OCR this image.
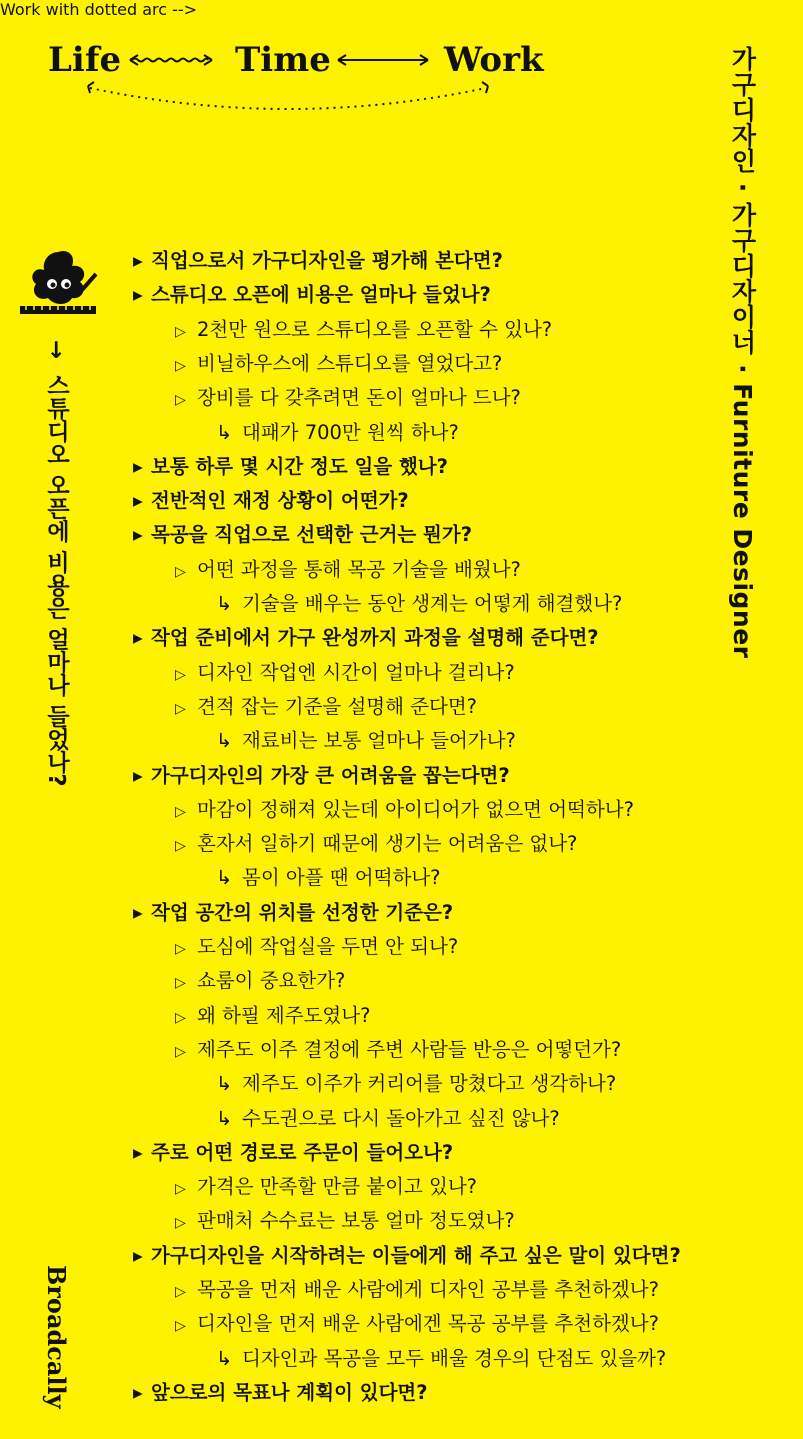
Work with dotted arc -->
Life	Time	Work	가구디자인 · 가구디자이너 · Furniture Designer
→스튜디오 오픈에 비용은 얼마나 들었나?
Broadcally
▸ 직업으로서 가구디자인을 평가해 본다면?
▸ 스튜디오 오픈에 비용은 얼마나 들었나?
▷ 2천만 원으로 스튜디오를 오픈할 수 있나?
▷ 비닐하우스에 스튜디오를 열었다고?
▷ 장비를 다 갖추려면 돈이 얼마나 드나?
↳ 대패가 700만 원씩 하나?
▸ 보통 하루 몇 시간 정도 일을 했나?
▸ 전반적인 재정 상황이 어떤가?
▸ 목공을 직업으로 선택한 근거는 뭔가?
▷ 어떤 과정을 통해 목공 기술을 배웠나?
↳ 기술을 배우는 동안 생계는 어떻게 해결했나?
▸ 작업 준비에서 가구 완성까지 과정을 설명해 준다면?
▷ 디자인 작업엔 시간이 얼마나 걸리나?
▷ 견적 잡는 기준을 설명해 준다면?
↳ 재료비는 보통 얼마나 들어가나?
▸ 가구디자인의 가장 큰 어려움을 꼽는다면?
▷ 마감이 정해져 있는데 아이디어가 없으면 어떡하나?
▷ 혼자서 일하기 때문에 생기는 어려움은 없나?
↳ 몸이 아플 땐 어떡하나?
▸ 작업 공간의 위치를 선정한 기준은?
▷ 도심에 작업실을 두면 안 되나?
▷ 쇼룸이 중요한가?
▷ 왜 하필 제주도였나?
▷ 제주도 이주 결정에 주변 사람들 반응은 어떻던가?
↳ 제주도 이주가 커리어를 망쳤다고 생각하나?
↳ 수도권으로 다시 돌아가고 싶진 않나?
▸ 주로 어떤 경로로 주문이 들어오나?
▷ 가격은 만족할 만큼 붙이고 있나?
▷ 판매처 수수료는 보통 얼마 정도였나?
▸ 가구디자인을 시작하려는 이들에게 해 주고 싶은 말이 있다면?
▷ 목공을 먼저 배운 사람에게 디자인 공부를 추천하겠나?
▷ 디자인을 먼저 배운 사람에겐 목공 공부를 추천하겠나?
↳ 디자인과 목공을 모두 배울 경우의 단점도 있을까?
▸ 앞으로의 목표나 계획이 있다면?
